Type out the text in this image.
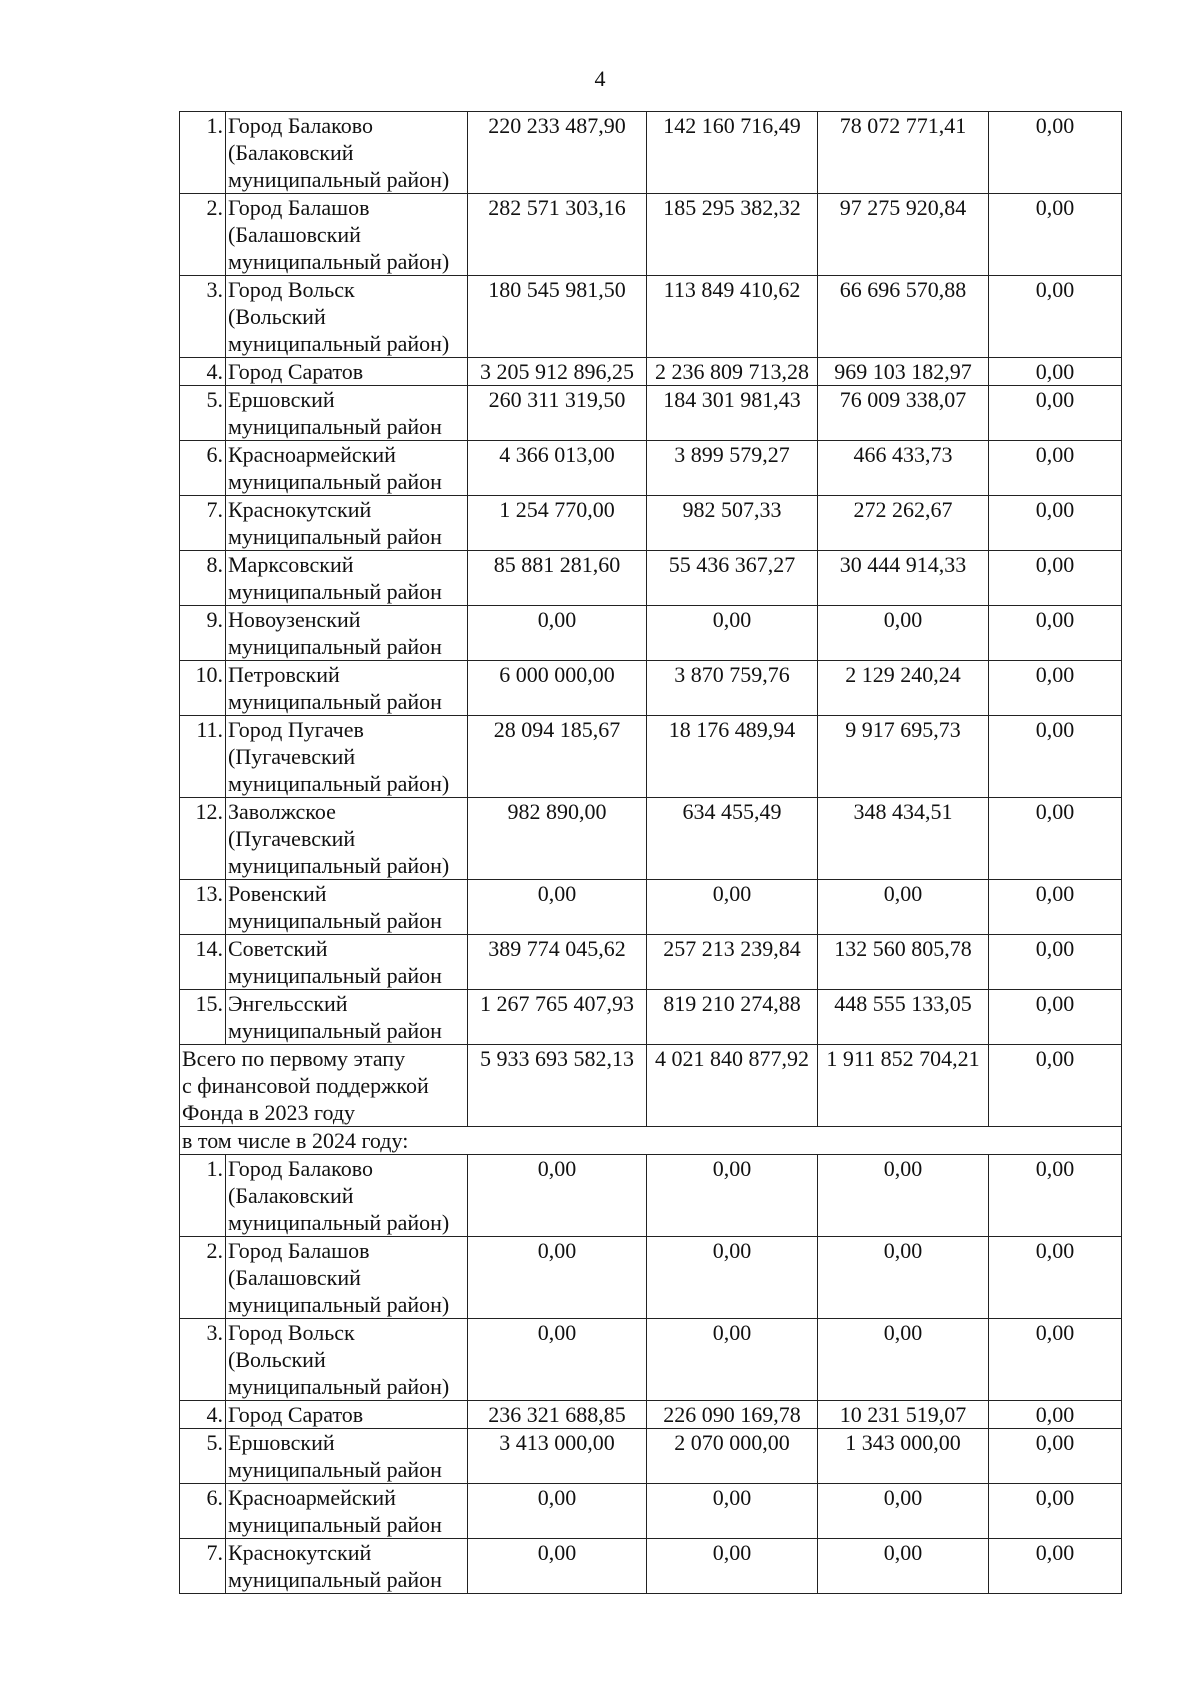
4
1.	Город Балаково
(Балаковский
муниципальный район)	220 233 487,90	142 160 716,49	78 072 771,41	0,00
2.	Город Балашов
(Балашовский
муниципальный район)	282 571 303,16	185 295 382,32	97 275 920,84	0,00
3.	Город Вольск
(Вольский
муниципальный район)	180 545 981,50	113 849 410,62	66 696 570,88	0,00
4.	Город Саратов	3 205 912 896,25	2 236 809 713,28	969 103 182,97	0,00
5.	Ершовский
муниципальный район	260 311 319,50	184 301 981,43	76 009 338,07	0,00
6.	Красноармейский
муниципальный район	4 366 013,00	3 899 579,27	466 433,73	0,00
7.	Краснокутский
муниципальный район	1 254 770,00	982 507,33	272 262,67	0,00
8.	Марксовский
муниципальный район	85 881 281,60	55 436 367,27	30 444 914,33	0,00
9.	Новоузенский
муниципальный район	0,00	0,00	0,00	0,00
10.	Петровский
муниципальный район	6 000 000,00	3 870 759,76	2 129 240,24	0,00
11.	Город Пугачев
(Пугачевский
муниципальный район)	28 094 185,67	18 176 489,94	9 917 695,73	0,00
12.	Заволжское
(Пугачевский
муниципальный район)	982 890,00	634 455,49	348 434,51	0,00
13.	Ровенский
муниципальный район	0,00	0,00	0,00	0,00
14.	Советский
муниципальный район	389 774 045,62	257 213 239,84	132 560 805,78	0,00
15.	Энгельсский
муниципальный район	1 267 765 407,93	819 210 274,88	448 555 133,05	0,00

Всего по первому этапу
с финансовой поддержкой
Фонда в 2023 году		5 933 693 582,13	4 021 840 877,92	1 911 852 704,21	0,00
в том числе в 2024 году:					
1.	Город Балаково
(Балаковский
муниципальный район)	0,00	0,00	0,00	0,00
2.	Город Балашов
(Балашовский
муниципальный район)	0,00	0,00	0,00	0,00
3.	Город Вольск
(Вольский
муниципальный район)	0,00	0,00	0,00	0,00
4.	Город Саратов	236 321 688,85	226 090 169,78	10 231 519,07	0,00
5.	Ершовский
муниципальный район	3 413 000,00	2 070 000,00	1 343 000,00	0,00
6.	Красноармейский
муниципальный район	0,00	0,00	0,00	0,00
7.	Краснокутский
муниципальный район	0,00	0,00	0,00	0,00
